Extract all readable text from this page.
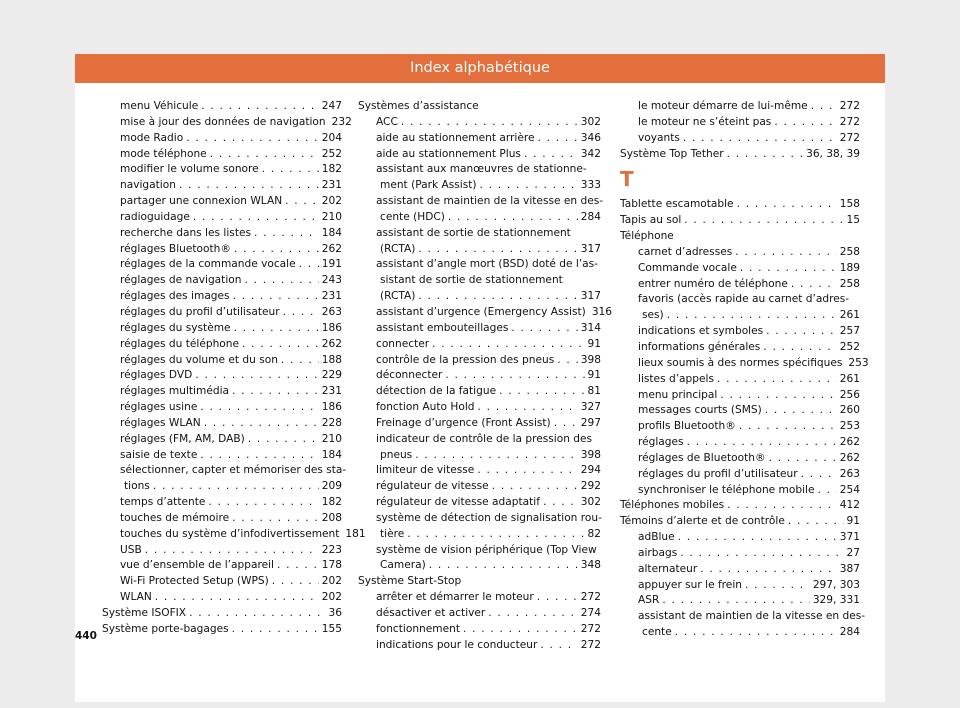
Index alphabétique
menu Véhicule . . .	247
mise à jour des données de navigation 232
mode Radio . . .	204
mode téléphone . . .	252
modifier le volume sonore . . .	182
navigation . . .	231
partager une connexion WLAN . . .	202
radioguidage . . .	210
recherche dans les listes . . .	184
réglages Bluetooth® . . .	262
réglages de la commande vocale . . . 191
réglages de navigation . . .	243
réglages des images . . .	231
réglages du profil d’utilisateur . . .	263
réglages du système . . .	186
réglages du téléphone . . .	262
réglages du volume et du son . . .	188
réglages DVD . . .	229
réglages multimédia . . .	231
réglages usine . . .	186
réglages WLAN . . .	228
réglages (FM, AM, DAB) . . .	210
saisie de texte . . .	184
sélectionner, capter et mémoriser des sta-
tions . . .	209
temps d’attente . . .	182
touches de mémoire . . .	208
touches du système d’infodivertissement 181
USB . . .	223
vue d’ensemble de l’appareil . . .	178
Wi-Fi Protected Setup (WPS) . . .	202
WLAN . . .	202
Système ISOFIX . . .	36
Système porte-bagages . . .	155
Systèmes d’assistance
ACC . . .	302
aide au stationnement arrière . . .	346
aide au stationnement Plus . . .	342
assistant aux manœuvres de stationne-
ment (Park Assist) . . .	333
assistant de maintien de la vitesse en des-
cente (HDC) . . .	284
assistant de sortie de stationnement
(RCTA) . . .	317
assistant d’angle mort (BSD) doté de l’as-
sistant de sortie de stationnement
(RCTA) . . .	317
assistant d’urgence (Emergency Assist) 316
assistant embouteillages . . .	314
connecter . . .	91
contrôle de la pression des pneus . . .	398
déconnecter . . .	91
détection de la fatigue . . .	81
fonction Auto Hold . . .	327
Freinage d’urgence (Front Assist) . . .	297
indicateur de contrôle de la pression des
pneus . . .	398
limiteur de vitesse . . .	294
régulateur de vitesse . . .	292
régulateur de vitesse adaptatif . . .	302
système de détection de signalisation rou-
tière . . .	82
système de vision périphérique (Top View
Camera) . . .	348
Système Start-Stop
arrêter et démarrer le moteur . . .	272
désactiver et activer . . .	274
fonctionnement . . .	272
indications pour le conducteur . . .	272
le moteur démarre de lui-même . . .	272
le moteur ne s’éteint pas . . .	272
voyants . . .	272
Système Top Tether . . .	36, 38, 39
T
Tablette escamotable . . .	158
Tapis au sol . . .	15
Téléphone
carnet d’adresses . . .	258
Commande vocale . . .	189
entrer numéro de téléphone . . .	258
favoris (accès rapide au carnet d’adres-
ses) . . .	261
indications et symboles . . .	257
informations générales . . .	252
lieux soumis à des normes spécifiques 253
listes d’appels . . .	261
menu principal . . .	256
messages courts (SMS) . . .	260
profils Bluetooth® . . .	253
réglages . . .	262
réglages de Bluetooth® . . .	262
réglages du profil d’utilisateur . . .	263
synchroniser le téléphone mobile . . . 254
Téléphones mobiles . . .	412
Témoins d’alerte et de contrôle . . .	91
adBlue . . .	371
airbags . . .	27
alternateur . . .	387
appuyer sur le frein . . .	297, 303
ASR . . .	329, 331
assistant de maintien de la vitesse en des-
cente . . .	284
440
